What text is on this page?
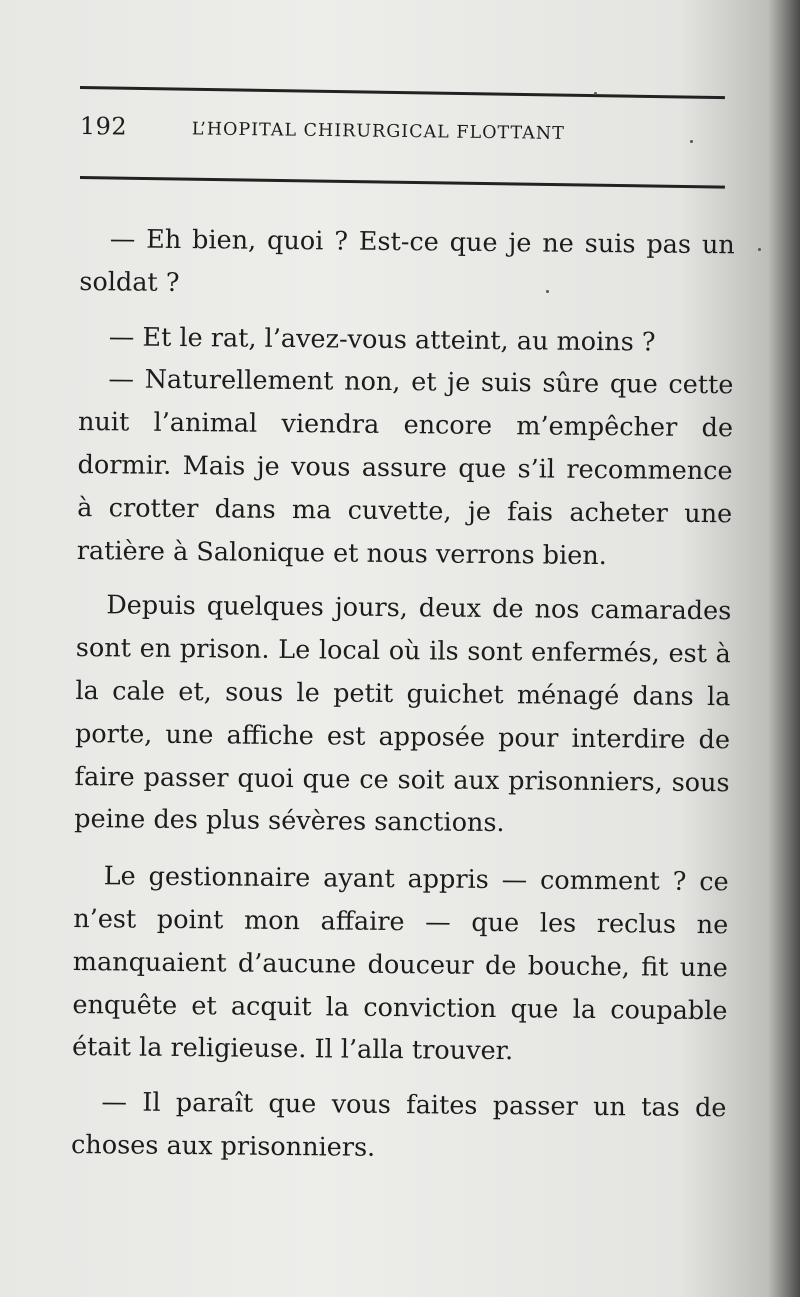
192	L’HOPITAL CHIRURGICAL FLOTTANT

— Eh bien, quoi ? Est-ce que je ne suis pas un soldat ?

— Et le rat, l’avez-vous atteint, au moins ?

— Naturellement non, et je suis sûre que cette nuit l’animal viendra encore m’empêcher de dormir. Mais je vous assure que s’il recommence à crotter dans ma cuvette, je fais acheter une ratière à Salonique et nous verrons bien.

Depuis quelques jours, deux de nos camarades sont en prison. Le local où ils sont enfermés, est à la cale et, sous le petit guichet ménagé dans la porte, une affiche est apposée pour interdire de faire passer quoi que ce soit aux prisonniers, sous peine des plus sévères sanctions.

Le gestionnaire ayant appris — comment ? ce n’est point mon affaire — que les reclus ne manquaient d’aucune douceur de bouche, fit une enquête et acquit la conviction que la coupable était la religieuse. Il l’alla trouver.

— Il paraît que vous faites passer un tas de choses aux prisonniers.
